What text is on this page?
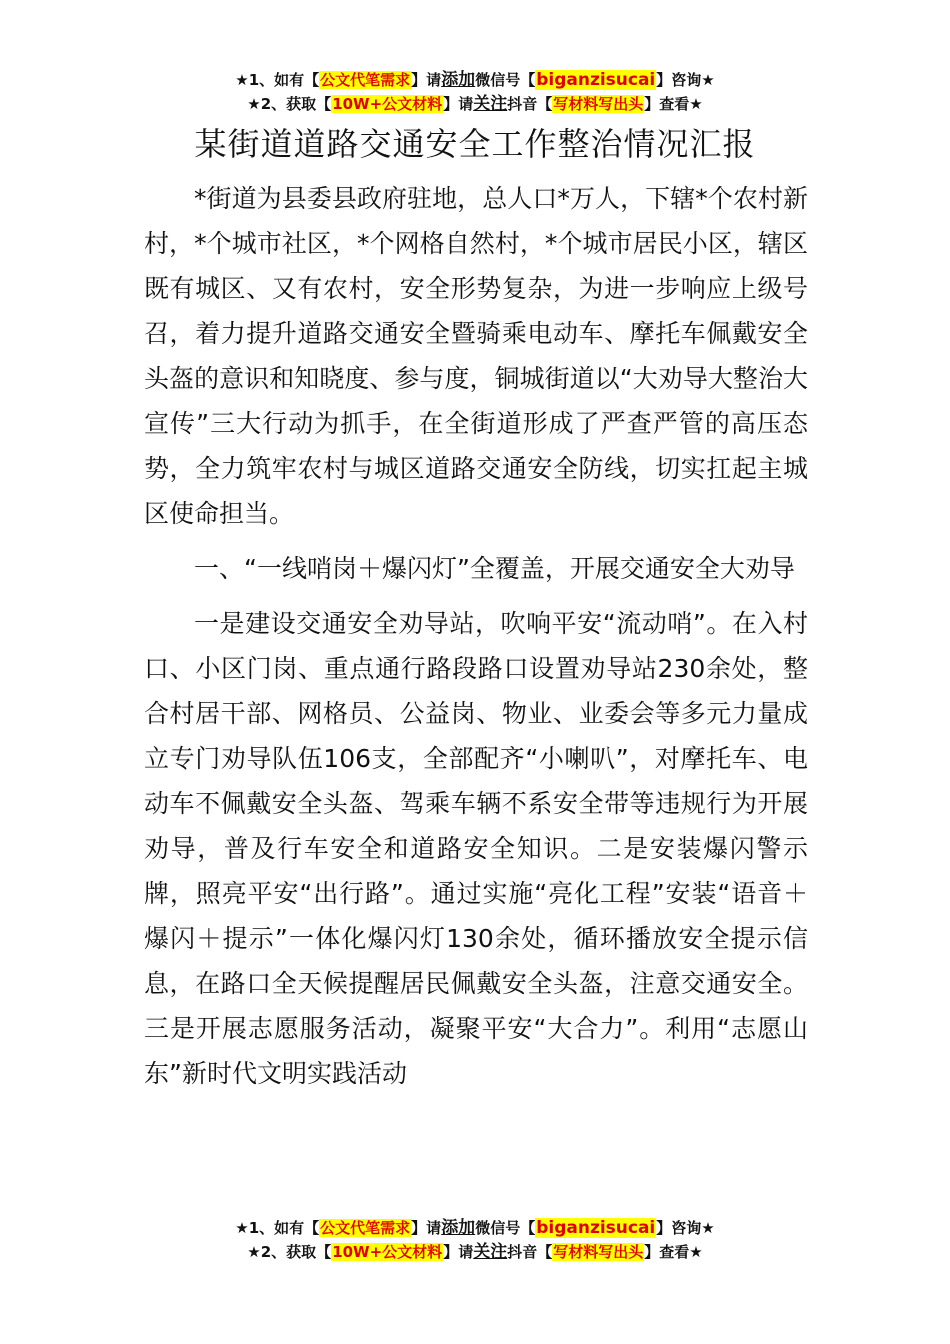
★1、如有【公文代笔需求】请添加微信号【biganzisucai】咨询★
★2、获取【10W+公文材料】请关注抖音【写材料写出头】查看★
某街道道路交通安全工作整治情况汇报

*街道为县委县政府驻地，总人口*万人，下辖*个农村新村，*个城市社区，*个网格自然村，*个城市居民小区，辖区既有城区、又有农村，安全形势复杂，为进一步响应上级号召，着力提升道路交通安全暨骑乘电动车、摩托车佩戴安全头盔的意识和知晓度、参与度，铜城街道以“大劝导大整治大宣传”三大行动为抓手，在全街道形成了严查严管的高压态势，全力筑牢农村与城区道路交通安全防线，切实扛起主城区使命担当。

一、“一线哨岗＋爆闪灯”全覆盖，开展交通安全大劝导

一是建设交通安全劝导站，吹响平安“流动哨”。在入村口、小区门岗、重点通行路段路口设置劝导站230余处，整合村居干部、网格员、公益岗、物业、业委会等多元力量成立专门劝导队伍106支，全部配齐“小喇叭”，对摩托车、电动车不佩戴安全头盔、驾乘车辆不系安全带等违规行为开展劝导，普及行车安全和道路安全知识。二是安装爆闪警示牌，照亮平安“出行路”。通过实施“亮化工程”安装“语音＋爆闪＋提示”一体化爆闪灯130余处，循环播放安全提示信息，在路口全天候提醒居民佩戴安全头盔，注意交通安全。三是开展志愿服务活动，凝聚平安“大合力”。利用“志愿山东”新时代文明实践活动

★1、如有【公文代笔需求】请添加微信号【biganzisucai】咨询★
★2、获取【10W+公文材料】请关注抖音【写材料写出头】查看★
